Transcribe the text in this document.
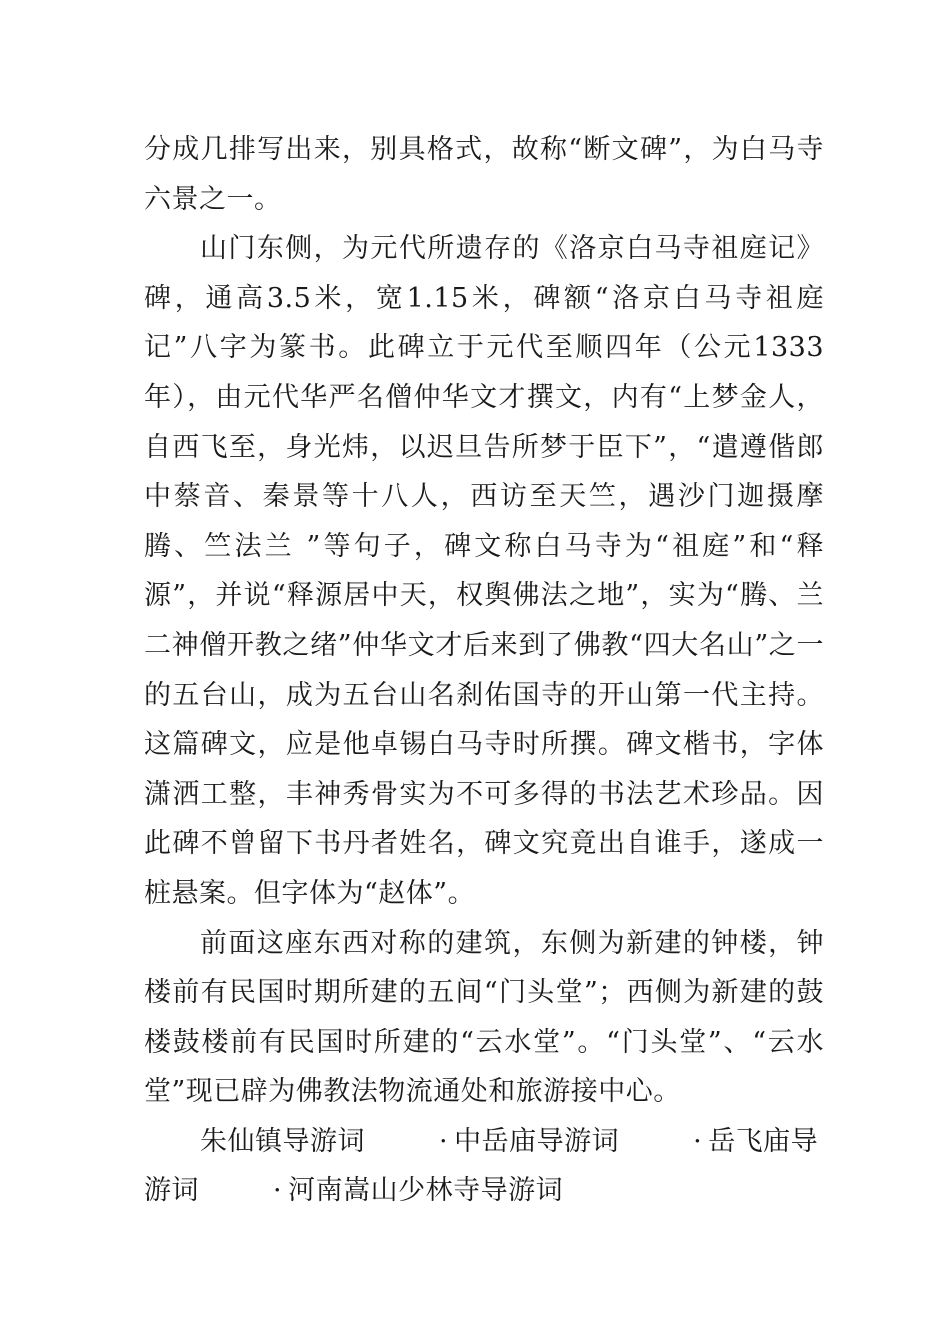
分成几排写出来，别具格式，故称“断文碑”，为白马寺六景之一。

山门东侧，为元代所遗存的《洛京白马寺祖庭记》碑，通高3.5米，宽1.15米，碑额“洛京白马寺祖庭记”八字为篆书。此碑立于元代至顺四年（公元1333年），由元代华严名僧仲华文才撰文，内有“上梦金人，自西飞至，身光炜，以迟旦告所梦于臣下”，“遣遵偕郎中蔡音、秦景等十八人，西访至天竺，遇沙门迦摄摩腾、竺法兰 ”等句子，碑文称白马寺为“祖庭”和“释源”，并说“释源居中天，权舆佛法之地”，实为“腾、兰二神僧开教之绪”仲华文才后来到了佛教“四大名山”之一的五台山，成为五台山名刹佑国寺的开山第一代主持。这篇碑文，应是他卓锡白马寺时所撰。碑文楷书，字体潇洒工整，丰神秀骨实为不可多得的书法艺术珍品。因此碑不曾留下书丹者姓名，碑文究竟出自谁手，遂成一桩悬案。但字体为“赵体”。

前面这座东西对称的建筑，东侧为新建的钟楼，钟楼前有民国时期所建的五间“门头堂”；西侧为新建的鼓楼鼓楼前有民国时所建的“云水堂”。“门头堂”、“云水堂”现已辟为佛教法物流通处和旅游接中心。

朱仙镇导游词	· 中岳庙导游词	· 岳飞庙导游词	· 河南嵩山少林寺导游词
